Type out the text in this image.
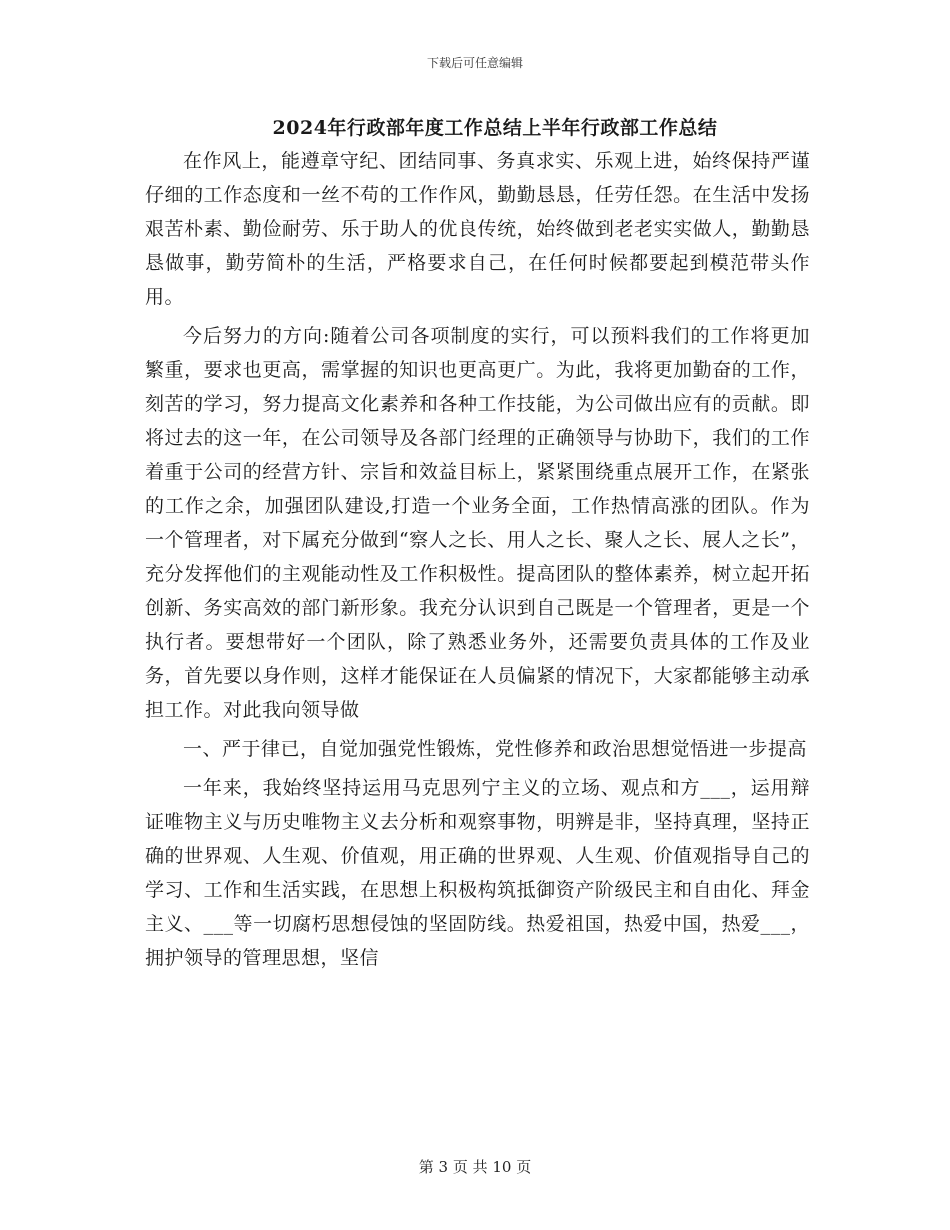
下载后可任意编辑
2024年行政部年度工作总结上半年行政部工作总结

在作风上，能遵章守纪、团结同事、务真求实、乐观上进，始终保持严谨仔细的工作态度和一丝不苟的工作作风，勤勤恳恳，任劳任怨。在生活中发扬艰苦朴素、勤俭耐劳、乐于助人的优良传统，始终做到老老实实做人，勤勤恳恳做事，勤劳简朴的生活，严格要求自己，在任何时候都要起到模范带头作用。

今后努力的方向:随着公司各项制度的实行，可以预料我们的工作将更加繁重，要求也更高，需掌握的知识也更高更广。为此，我将更加勤奋的工作，刻苦的学习，努力提高文化素养和各种工作技能，为公司做出应有的贡献。即将过去的这一年，在公司领导及各部门经理的正确领导与协助下，我们的工作着重于公司的经营方针、宗旨和效益目标上，紧紧围绕重点展开工作，在紧张的工作之余，加强团队建设,打造一个业务全面，工作热情高涨的团队。作为一个管理者，对下属充分做到“察人之长、用人之长、聚人之长、展人之长”，充分发挥他们的主观能动性及工作积极性。提高团队的整体素养，树立起开拓创新、务实高效的部门新形象。我充分认识到自己既是一个管理者，更是一个执行者。要想带好一个团队，除了熟悉业务外，还需要负责具体的工作及业务，首先要以身作则，这样才能保证在人员偏紧的情况下，大家都能够主动承担工作。对此我向领导做

一、严于律已，自觉加强党性锻炼，党性修养和政治思想觉悟进一步提高

一年来，我始终坚持运用马克思列宁主义的立场、观点和方___，运用辩证唯物主义与历史唯物主义去分析和观察事物，明辨是非，坚持真理，坚持正确的世界观、人生观、价值观，用正确的世界观、人生观、价值观指导自己的学习、工作和生活实践，在思想上积极构筑抵御资产阶级民主和自由化、拜金主义、___等一切腐朽思想侵蚀的坚固防线。热爱祖国，热爱中国，热爱___，拥护领导的管理思想，坚信

第 3 页 共 10 页
